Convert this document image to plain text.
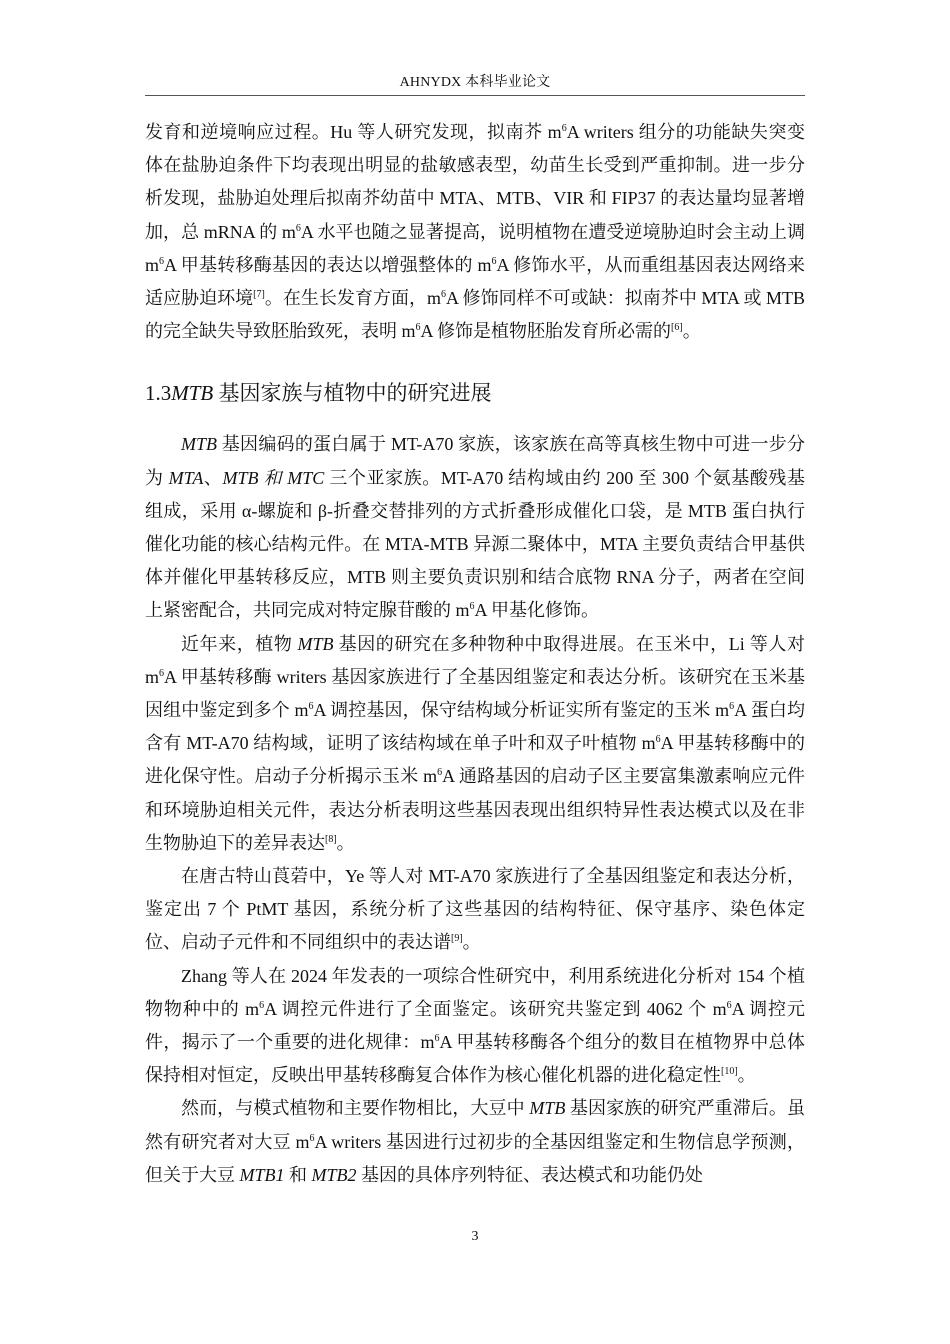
AHNYDX 本科毕业论文

发育和逆境响应过程。Hu 等人研究发现，拟南芥 $m^6A$ writers 组分的功能缺失突变体在盐胁迫条件下均表现出明显的盐敏感表型，幼苗生长受到严重抑制。进一步分析发现，盐胁迫处理后拟南芥幼苗中 MTA、MTB、VIR 和 FIP37 的表达量均显著增加，总 mRNA 的 $m^6A$ 水平也随之显著提高，说明植物在遭受逆境胁迫时会主动上调 $m^6A$ 甲基转移酶基因的表达以增强整体的 $m^6A$ 修饰水平，从而重组基因表达网络来适应胁迫环境[7]。在生长发育方面，$m^6A$ 修饰同样不可或缺：拟南芥中 MTA 或 MTB 的完全缺失导致胚胎致死，表明 $m^6A$ 修饰是植物胚胎发育所必需的[6]。

1.3MTB 基因家族与植物中的研究进展

MTB 基因编码的蛋白属于 MT-A70 家族，该家族在高等真核生物中可进一步分为 MTA、MTB 和 MTC 三个亚家族。MT-A70 结构域由约 200 至 300 个氨基酸残基组成，采用 α-螺旋和 β-折叠交替排列的方式折叠形成催化口袋，是 MTB 蛋白执行催化功能的核心结构元件。在 MTA-MTB 异源二聚体中，MTA 主要负责结合甲基供体并催化甲基转移反应，MTB 则主要负责识别和结合底物 RNA 分子，两者在空间上紧密配合，共同完成对特定腺苷酸的 $m^6A$ 甲基化修饰。

近年来，植物 MTB 基因的研究在多种物种中取得进展。在玉米中，Li 等人对 $m^6A$ 甲基转移酶 writers 基因家族进行了全基因组鉴定和表达分析。该研究在玉米基因组中鉴定到多个 $m^6A$ 调控基因，保守结构域分析证实所有鉴定的玉米 $m^6A$ 蛋白均含有 MT-A70 结构域，证明了该结构域在单子叶和双子叶植物 $m^6A$ 甲基转移酶中的进化保守性。启动子分析揭示玉米 $m^6A$ 通路基因的启动子区主要富集激素响应元件和环境胁迫相关元件，表达分析表明这些基因表现出组织特异性表达模式以及在非生物胁迫下的差异表达[8]。

在唐古特山莨菪中，Ye 等人对 MT-A70 家族进行了全基因组鉴定和表达分析，鉴定出 7 个 PtMT 基因，系统分析了这些基因的结构特征、保守基序、染色体定位、启动子元件和不同组织中的表达谱[9]。

Zhang 等人在 2024 年发表的一项综合性研究中，利用系统进化分析对 154 个植物物种中的 $m^6A$ 调控元件进行了全面鉴定。该研究共鉴定到 4062 个 $m^6A$ 调控元件，揭示了一个重要的进化规律：$m^6A$ 甲基转移酶各个组分的数目在植物界中总体保持相对恒定，反映出甲基转移酶复合体作为核心催化机器的进化稳定性[10]。

然而，与模式植物和主要作物相比，大豆中 MTB 基因家族的研究严重滞后。虽然有研究者对大豆 $m^6A$ writers 基因进行过初步的全基因组鉴定和生物信息学预测，但关于大豆 MTB1 和 MTB2 基因的具体序列特征、表达模式和功能仍处

3
